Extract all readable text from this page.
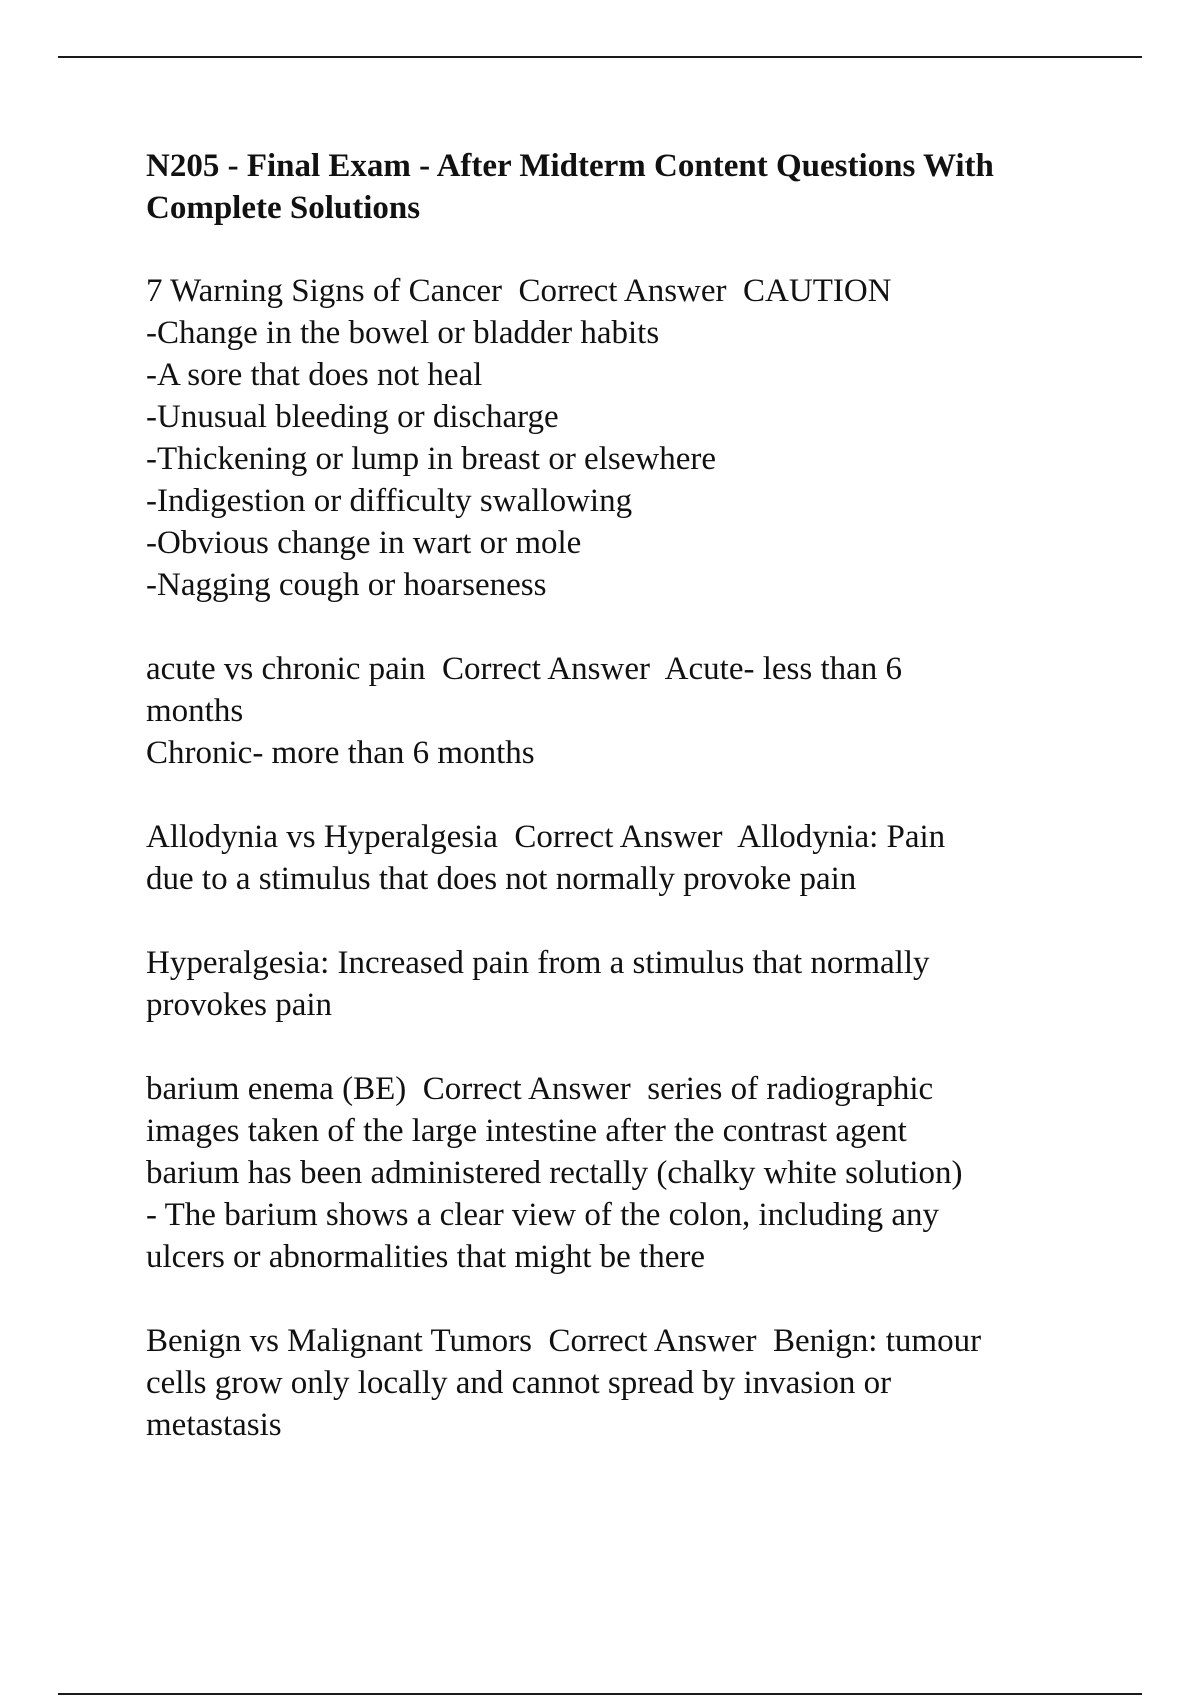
N205 - Final Exam - After Midterm Content Questions With
Complete Solutions
7 Warning Signs of Cancer  Correct Answer  CAUTION
-Change in the bowel or bladder habits
-A sore that does not heal
-Unusual bleeding or discharge
-Thickening or lump in breast or elsewhere
-Indigestion or difficulty swallowing
-Obvious change in wart or mole
-Nagging cough or hoarseness
acute vs chronic pain  Correct Answer  Acute- less than 6
months
Chronic- more than 6 months
Allodynia vs Hyperalgesia  Correct Answer  Allodynia: Pain
due to a stimulus that does not normally provoke pain
Hyperalgesia: Increased pain from a stimulus that normally
provokes pain
barium enema (BE)  Correct Answer  series of radiographic
images taken of the large intestine after the contrast agent
barium has been administered rectally (chalky white solution)
- The barium shows a clear view of the colon, including any
ulcers or abnormalities that might be there
Benign vs Malignant Tumors  Correct Answer  Benign: tumour
cells grow only locally and cannot spread by invasion or
metastasis
